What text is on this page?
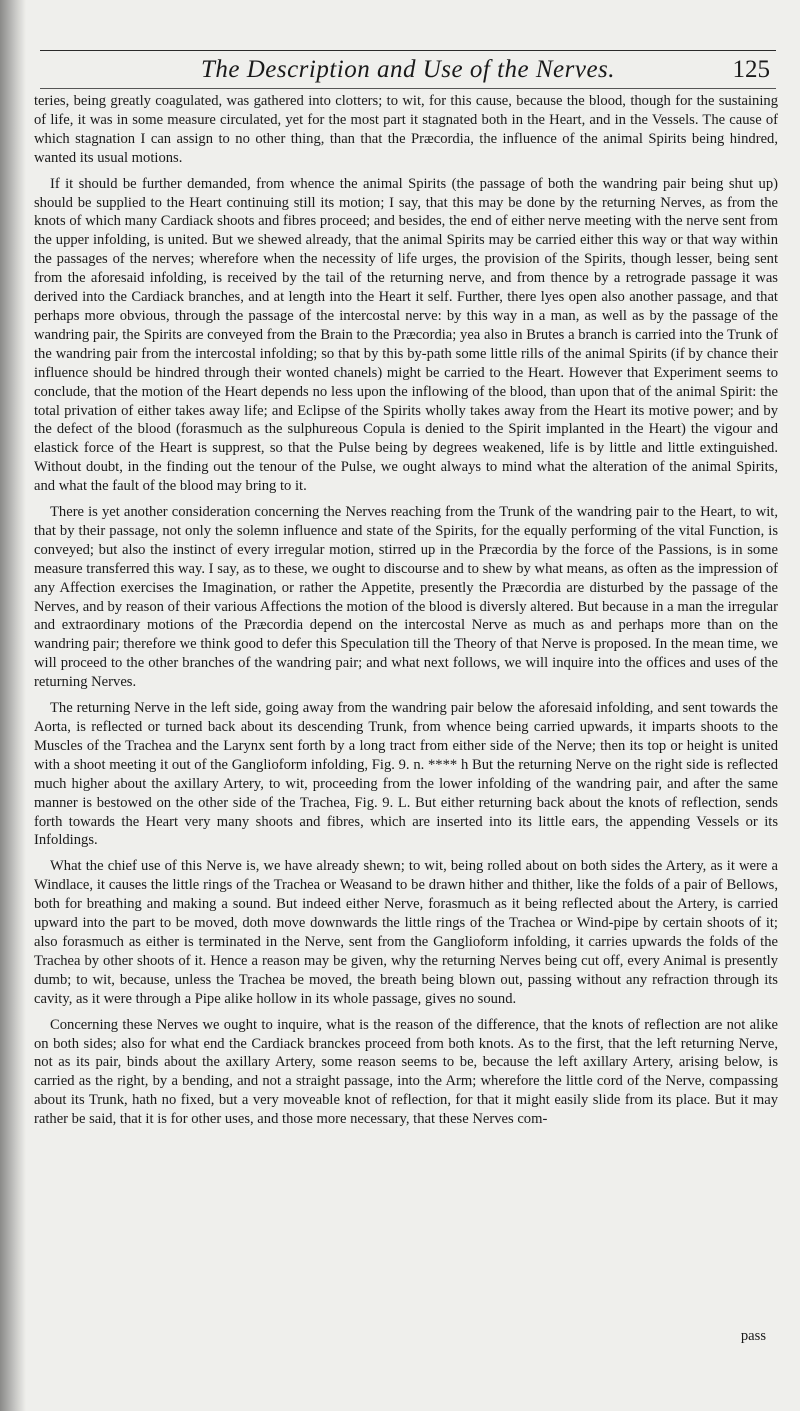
The Description and Use of the Nerves.	125

teries, being greatly coagulated, was gathered into clotters; to wit, for this cause, because the blood, though for the sustaining of life, it was in some measure circulated, yet for the most part it stagnated both in the Heart, and in the Vessels. The cause of which stagnation I can assign to no other thing, than that the Præcordia, the influence of the animal Spirits being hindred, wanted its usual motions.

If it should be further demanded, from whence the animal Spirits (the passage of both the wandring pair being shut up) should be supplied to the Heart continuing still its motion; I say, that this may be done by the returning Nerves, as from the knots of which many Cardiack shoots and fibres proceed; and besides, the end of either nerve meeting with the nerve sent from the upper infolding, is united. But we shewed already, that the animal Spirits may be carried either this way or that way within the passages of the nerves; wherefore when the necessity of life urges, the provision of the Spirits, though lesser, being sent from the aforesaid infolding, is received by the tail of the returning nerve, and from thence by a retrograde passage it was derived into the Cardiack branches, and at length into the Heart it self. Further, there lyes open also another passage, and that perhaps more obvious, through the passage of the intercostal nerve: by this way in a man, as well as by the passage of the wandring pair, the Spirits are conveyed from the Brain to the Præcordia; yea also in Brutes a branch is carried into the Trunk of the wandring pair from the intercostal infolding; so that by this by-path some little rills of the animal Spirits (if by chance their influence should be hindred through their wonted chanels) might be carried to the Heart. However that Experiment seems to conclude, that the motion of the Heart depends no less upon the inflowing of the blood, than upon that of the animal Spirit: the total privation of either takes away life; and Eclipse of the Spirits wholly takes away from the Heart its motive power; and by the defect of the blood (forasmuch as the sulphureous Copula is denied to the Spirit implanted in the Heart) the vigour and elastick force of the Heart is supprest, so that the Pulse being by degrees weakened, life is by little and little extinguished. Without doubt, in the finding out the tenour of the Pulse, we ought always to mind what the alteration of the animal Spirits, and what the fault of the blood may bring to it.

There is yet another consideration concerning the Nerves reaching from the Trunk of the wandring pair to the Heart, to wit, that by their passage, not only the solemn influence and state of the Spirits, for the equally performing of the vital Function, is conveyed; but also the instinct of every irregular motion, stirred up in the Præcordia by the force of the Passions, is in some measure transferred this way. I say, as to these, we ought to discourse and to shew by what means, as often as the impression of any Affection exercises the Imagination, or rather the Appetite, presently the Præcordia are disturbed by the passage of the Nerves, and by reason of their various Affections the motion of the blood is diversly altered. But because in a man the irregular and extraordinary motions of the Præcordia depend on the intercostal Nerve as much as and perhaps more than on the wandring pair; therefore we think good to defer this Speculation till the Theory of that Nerve is proposed. In the mean time, we will proceed to the other branches of the wandring pair; and what next follows, we will inquire into the offices and uses of the returning Nerves.

The returning Nerve in the left side, going away from the wandring pair below the aforesaid infolding, and sent towards the Aorta, is reflected or turned back about its descending Trunk, from whence being carried upwards, it imparts shoots to the Muscles of the Trachea and the Larynx sent forth by a long tract from either side of the Nerve; then its top or height is united with a shoot meeting it out of the Ganglioform infolding, Fig. 9. n. **** h But the returning Nerve on the right side is reflected much higher about the axillary Artery, to wit, proceeding from the lower infolding of the wandring pair, and after the same manner is bestowed on the other side of the Trachea, Fig. 9. L. But either returning back about the knots of reflection, sends forth towards the Heart very many shoots and fibres, which are inserted into its little ears, the appending Vessels or its Infoldings.

What the chief use of this Nerve is, we have already shewn; to wit, being rolled about on both sides the Artery, as it were a Windlace, it causes the little rings of the Trachea or Weasand to be drawn hither and thither, like the folds of a pair of Bellows, both for breathing and making a sound. But indeed either Nerve, forasmuch as it being reflected about the Artery, is carried upward into the part to be moved, doth move downwards the little rings of the Trachea or Wind-pipe by certain shoots of it; also forasmuch as either is terminated in the Nerve, sent from the Ganglioform infolding, it carries upwards the folds of the Trachea by other shoots of it. Hence a reason may be given, why the returning Nerves being cut off, every Animal is presently dumb; to wit, because, unless the Trachea be moved, the breath being blown out, passing without any refraction through its cavity, as it were through a Pipe alike hollow in its whole passage, gives no sound.

Concerning these Nerves we ought to inquire, what is the reason of the difference, that the knots of reflection are not alike on both sides; also for what end the Cardiack branckes proceed from both knots. As to the first, that the left returning Nerve, not as its pair, binds about the axillary Artery, some reason seems to be, because the left axillary Artery, arising below, is carried as the right, by a bending, and not a straight passage, into the Arm; wherefore the little cord of the Nerve, compassing about its Trunk, hath no fixed, but a very moveable knot of reflection, for that it might easily slide from its place. But it may rather be said, that it is for other uses, and those more necessary, that these Nerves com-

pass
